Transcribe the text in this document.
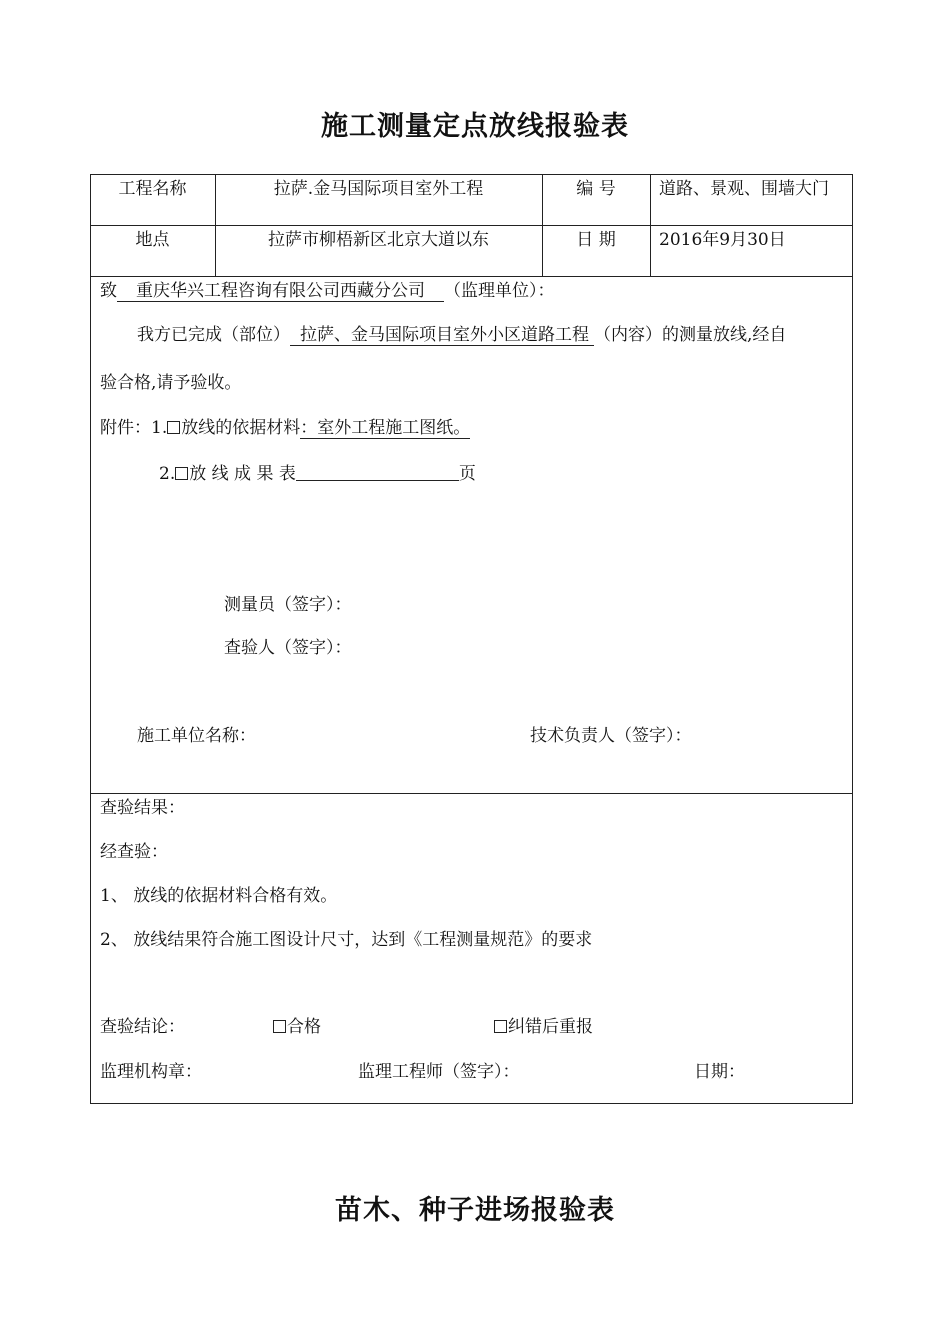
施工测量定点放线报验表
工程名称	拉萨.金马国际项目室外工程	编 号	道路、景观、围墙大门
地点	拉萨市柳梧新区北京大道以东	日 期	2016年9月30日
致 重庆华兴工程咨询有限公司西藏分公司 （监理单位）：
我方已完成（部位） 拉萨、金马国际项目室外小区道路工程 （内容）的测量放线,经自
验合格,请予验收。
附件：1. 放线的依据材料：室外工程施工图纸。
2. 放 线 成 果 表	页
测量员（签字）：
查验人（签字）：
施工单位名称：	技术负责人（签字）：
查验结果：
经查验：
1、 放线的依据材料合格有效。
2、 放线结果符合施工图设计尺寸，达到《工程测量规范》的要求
查验结论：	合格	纠错后重报
监理机构章：	监理工程师（签字）：	日期：
苗木、种子进场报验表
